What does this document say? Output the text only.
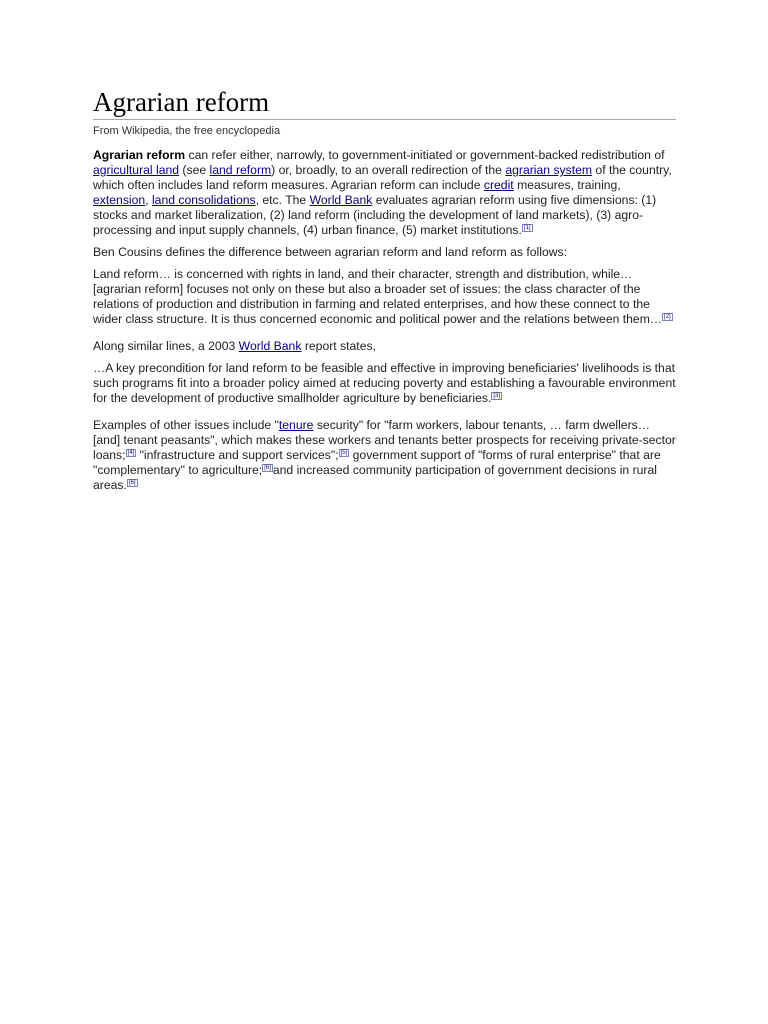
Agrarian reform
From Wikipedia, the free encyclopedia

Agrarian reform can refer either, narrowly, to government-initiated or government-backed redistribution of agricultural land (see land reform) or, broadly, to an overall redirection of the agrarian system of the country, which often includes land reform measures. Agrarian reform can include credit measures, training, extension, land consolidations, etc. The World Bank evaluates agrarian reform using five dimensions: (1) stocks and market liberalization, (2) land reform (including the development of land markets), (3) agro-processing and input supply channels, (4) urban finance, (5) market institutions. [1]

Ben Cousins defines the difference between agrarian reform and land reform as follows:

Land reform… is concerned with rights in land, and their character, strength and distribution, while… [agrarian reform] focuses not only on these but also a broader set of issues: the class character of the relations of production and distribution in farming and related enterprises, and how these connect to the wider class structure. It is thus concerned economic and political power and the relations between them… [2]

Along similar lines, a 2003 World Bank report states,

…A key precondition for land reform to be feasible and effective in improving beneficiaries' livelihoods is that such programs fit into a broader policy aimed at reducing poverty and establishing a favourable environment for the development of productive smallholder agriculture by beneficiaries. [3]

Examples of other issues include "tenure security" for "farm workers, labour tenants, … farm dwellers… [and] tenant peasants", which makes these workers and tenants better prospects for receiving private-sector loans; [4] "infrastructure and support services"; [5] government support of "forms of rural enterprise" that are "complementary" to agriculture; [6] and increased community participation of government decisions in rural areas. [6]
